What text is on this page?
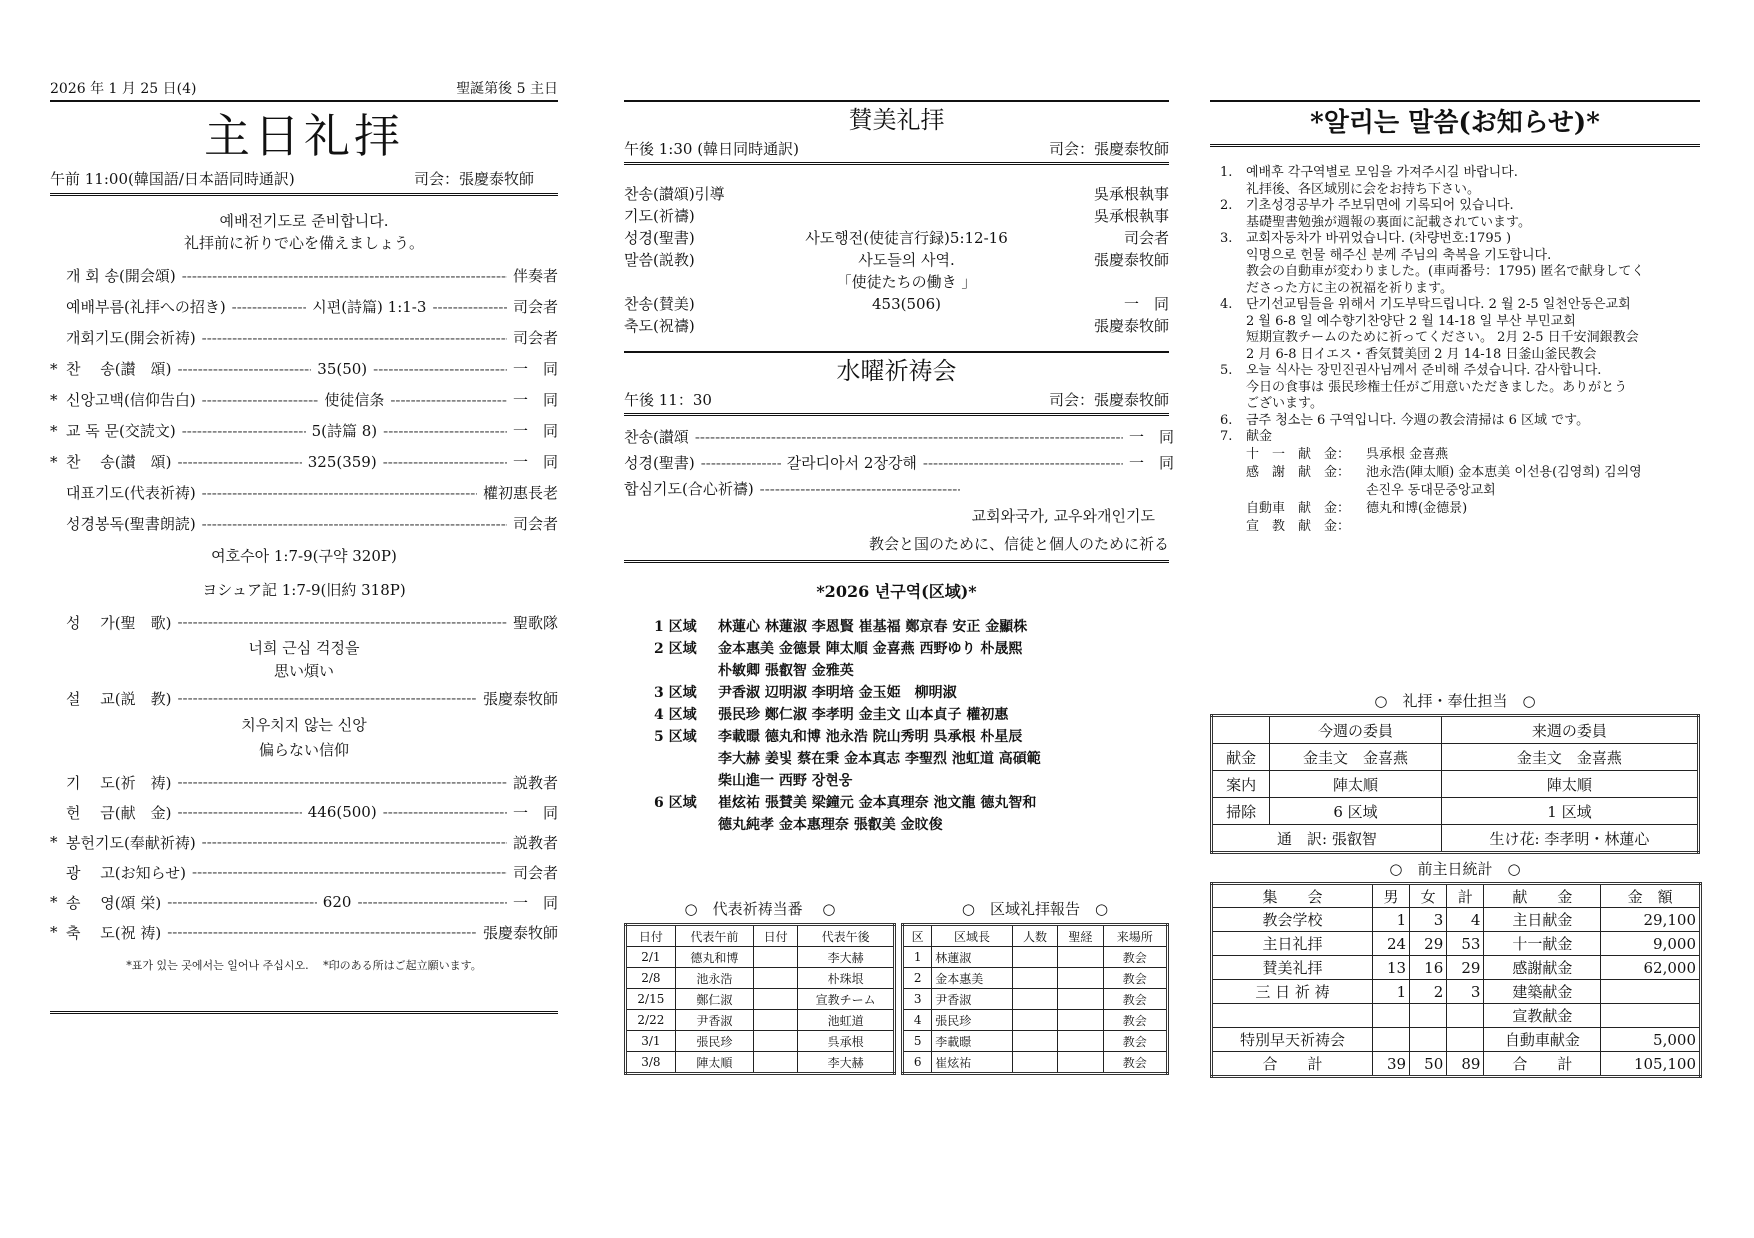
2026 年 1 月 25 日(4)	聖誕第後 5 主日
主日礼拝
午前 11:00(韓国語/日本語同時通訳)	司会：張慶泰牧師
예배전기도로 준비합니다.
礼拝前に祈りで心を備えましょう。
개 회 송(開会頌) -----	伴奏者
예배부름(礼拝への招き) -----	시편(詩篇) 1:1-3 -----	司会者
개회기도(開会祈祷) -----	司会者
* 찬　 송(讃　頌) -----	35(50) -----	一　同
* 신앙고백(信仰告白) -----	使徒信条 -----	一　同
* 교 독 문(交読文) -----	5(詩篇 8) -----	一　同
* 찬　 송(讃　頌) -----	325(359) -----	一　同
대표기도(代表祈祷) -----	權初惠長老
성경봉독(聖書朗読) -----	司会者
여호수아 1:7-9(구약 320P)
ヨシュア記 1:7-9(旧約 318P)
성　 가(聖　歌) -----	聖歌隊
너희 근심 걱정을
思い煩い
설　 교(説　教) -----	張慶泰牧師
치우치지 않는 신앙
偏らない信仰
기　 도(祈　祷) -----	説教者
헌　 금(献　金) -----	446(500) -----	一　同
* 봉헌기도(奉献祈祷) -----	説教者
광　 고(お知らせ) -----	司会者
* 송　 영(頌 栄) -----	620 -----	一　同
* 축　 도(祝 祷) -----	張慶泰牧師
*표가 있는 곳에서는 일어나 주십시오.　 *印のある所はご起立願います。
賛美礼拝
午後 1:30 (韓日同時通訳)	司会：張慶泰牧師
찬송(讃頌)引導	吳承根執事
기도(祈禱)	吳承根執事
성경(聖書)	사도행전(使徒言行録)5:12-16	司会者
말씀(説教)	사도들의 사역.	張慶泰牧師
「使徒たちの働き 」
찬송(賛美)	453(506)	一　同
축도(祝禱)	張慶泰牧師
水曜祈祷会
午後 11：30	司会：張慶泰牧師
찬송(讃頌 -----	一　同
성경(聖書) -----	갈라디아서 2장강해 -----	一　同
합심기도(合心祈禱)
-----
교회와국가, 교우와개인기도
教会と国のために、信徒と個人のために祈る
*2026 년구역(区域)*
1 区域	林蓮心 林蓮淑 李恩賢 崔基福 鄭京春 安正 金顯株
2 区域	金本惠美 金德景 陣太順 金喜燕 西野ゆり 朴晟熙
朴敏卿 張叡智 金雅英
3 区域	尹香淑 辺明淑 李明培 金玉姫　柳明淑
4 区域	張民珍 鄭仁淑 李孝明 金圭文 山本貞子 權初惠
5 区域	李載暻 德丸和博 池永浩 院山秀明 呉承根 朴星辰
李大赫 姜빛 蔡在秉 金本真志 李聖烈 池虹道 高碩範
柴山進一 西野 장현웅
6 区域	崔炫祐 張賛美 梁鐘元 金本真理奈 池文龍 德丸智和
德丸純孝 金本惠理奈 張叡美 金旼俊
○　代表祈祷当番　 ○
日付	代表午前	日付	代表午後
2/1	德丸和博		李大赫
2/8	池永浩		朴珠垠
2/15	鄭仁淑		宣教チーム
2/22	尹香淑		池虹道
3/1	張民珍		呉承根
3/8	陣太順		李大赫
○　区域礼拝報告　○
区	区域長	人数	聖経	来場所
1	林蓮淑			教会
2	金本惠美			教会
3	尹香淑			教会
4	張民珍			教会
5	李載暻			教会
6	崔炫祐			教会
*알리는 말씀(お知らせ)*
1.	예배후 각구역별로 모임을 가져주시길 바랍니다.
礼拝後、各区域別に会をお持ち下さい。
2.	기초성경공부가 주보뒤면에 기록되어 있습니다.
基礎聖書勉強が週報の裏面に記載されています。
3.	교회자동차가 바뀌었습니다. (차량번호:1795 )
익명으로 헌물 해주신 분께 주님의 축복을 기도합니다.
教会の自動車が変わりました。(車両番号：1795) 匿名で献身してく
ださった方に主の祝福を祈ります。
4.	단기선교팀들을 위해서 기도부탁드립니다. 2 월 2-5 일천안동은교회
2 월 6-8 일 예수향기찬양단 2 월 14-18 일 부산 부민교회
短期宣教チームのために祈ってください。 2月 2-5 日千安洞銀教会
2 月 6-8 日イエス・香気賛美団 2 月 14-18 日釜山釜民教会
5.	오늘 식사는 장민진권사님께서 준비해 주셨습니다. 감사합니다.
今日の食事は 張民珍権士任がご用意いただきました。ありがとう
ございます。
6.	금주 청소는 6 구역입니다. 今週の教会清掃は 6 区域 です。
7.	献金
十　一　献　金：	呉承根 金喜燕
感　謝　献　金：	池永浩(陣太順) 金本恵美 이선용(김영희) 김의영
손진우 동대문중앙교회
自動車　献　金：	德丸和博(金德景)
宣　教　献　金：
○　礼拝・奉仕担当　○
	今週の委員	来週の委員
献金	金圭文　金喜燕	金圭文　金喜燕
案内	陣太順	陣太順
掃除	6 区域	1 区域
通　訳: 張叡智		生け花: 李孝明・林蓮心
○　前主日統計　○
集　　会	男	女	計	献　　金	金　額
教会学校	1	3	4	主日献金	29,100
主日礼拝	24	29	53	十一献金	9,000
賛美礼拝	13	16	29	感謝献金	62,000
三 日 祈 祷	1	2	3	建築献金	
				宣教献金	
特別早天祈祷会				自動車献金	5,000
合　　計	39	50	89	合　　計	105,100
